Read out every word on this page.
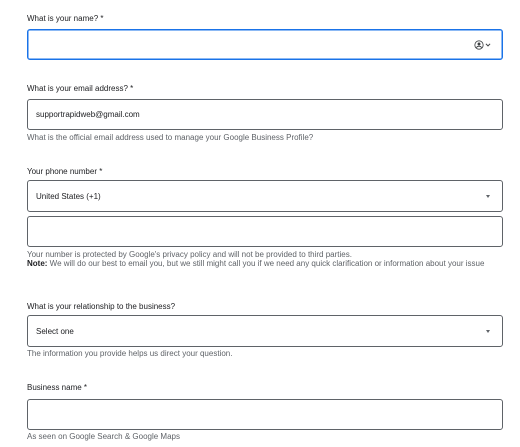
What is your name? *
What is your email address? *
supportrapidweb@gmail.com
What is the official email address used to manage your Google Business Profile?
Your phone number *
United States (+1)
Your number is protected by Google's privacy policy and will not be provided to third parties.
Note: We will do our best to email you, but we still might call you if we need any quick clarification or information about your issue
What is your relationship to the business?
Select one
The information you provide helps us direct your question.
Business name *
As seen on Google Search & Google Maps
